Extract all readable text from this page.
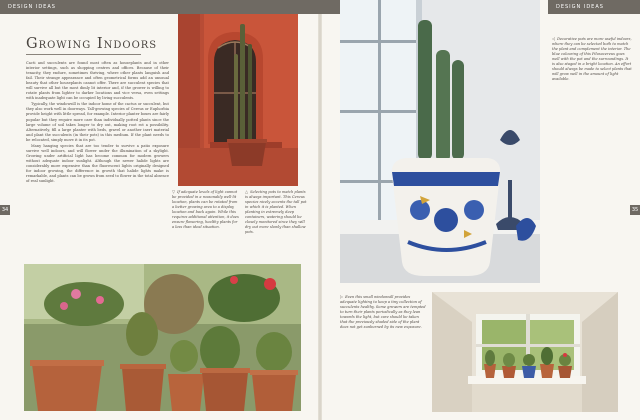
DESIGN IDEAS	DESIGN IDEAS
34	35
Growing Indoors

Cacti and succulents are found most often as houseplants and in other interior settings, such as shopping centres and offices. Because of their tenacity, they endure, sometimes thriving, where other plants languish and fail. Their strange appearance and often geometrical forms add an unusual beauty that other houseplants cannot offer. There are succulent species that will survive all but the most dimly lit interior and, if the grower is willing to rotate plants from lighter to darker locations and vice versa, even settings with inadequate light can be occupied by living succulents.

Typically, the windowsill is the indoor home of the cactus or succulent, but they also work well in doorways. Tall-growing species of Cereus or Euphorbia provide height with little spread, for example. Interior planter boxes are fairly popular but they require more care than individually potted plants since the large volume of soil takes longer to dry out, making root rot a possibility. Alternatively, fill a large planter with beds, gravel or another inert material and plant the succulents (in their pots) in this medium. If the plant needs to be relocated, simply move it in its pot.

Many hanging species that are too tender to survive a patio exposure survive well indoors, and will flower under the illumination of a skylight. Growing under artificial light has become common for modern growers without adequate indoor sunlight. Although the newer halide lights are considerably more expensive than the fluorescent lights originally designed for indoor growing, the difference in growth that halide lights make is remarkable, and plants can be grown from seed to flower in the total absence of real sunlight.

▽ If adequate levels of light cannot be provided in a reasonably well-lit location, plants can be rotated from a better growing area to a display location and back again. While this requires additional attention, it does ensure flowering, healthy plants for a less than ideal situation.
△ Selecting pots to match plants is always important. This Cereus species nicely accents the tall pot in which it is planted. When planting in extremely deep containers, watering should be closely monitored since they will dry out more slowly than shallow pots.
◁ Decorative pots are more useful indoors, where they can be selected both to match the plant and complement the interior. The blue colouring of this Pilosocereus goes well with the pot and the surroundings. It is also staged in a bright location. An effort should always be made to select plants that will grow well in the amount of light available.
▷ Even this small windowsill provides adequate lighting to keep a tiny collection of succulents healthy. Some growers are tempted to turn their plants periodically as they lean towards the light, but care should be taken that the previously shaded side of the plant does not get sunburned by its new exposure.
